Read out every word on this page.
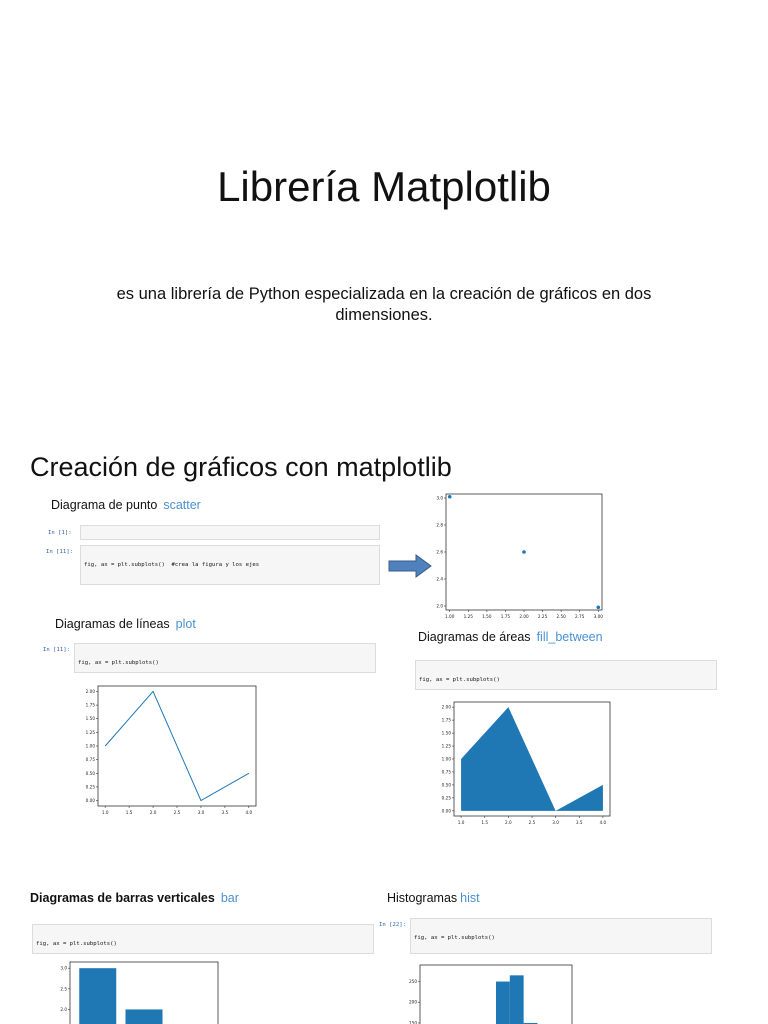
Librería Matplotlib
es una librería de Python especializada en la creación de gráficos en dos dimensiones.
Creación de gráficos con matplotlib
Diagrama de punto scatter
In [1]:

In [11]:

fig, ax = plt.subplots()  #crea la figura y los ejes

1.00 1.25 1.50 1.75 2.00 2.25 2.50 2.75 3.00
2.0
2.4
2.6
2.8
3.0
Diagramas de líneas plot
In [11]:

fig, ax = plt.subplots()

1.0	1.5	2.0	2.5	3.0	3.5	4.0
0.00
0.25
0.50
0.75
1.00
1.25
1.50
1.75
2.00
Diagramas de áreas fill_between

fig, ax = plt.subplots()

1.0	1.5	2.0	2.5	3.0	3.5	4.0
0.00
0.25
0.50
0.75
1.00
1.25
1.50
1.75
2.00
Diagramas de barras verticales bar

fig, ax = plt.subplots()

2.0
2.5
3.0
Histogramas hist
In [22]:

fig, ax = plt.subplots()

150
200
250
